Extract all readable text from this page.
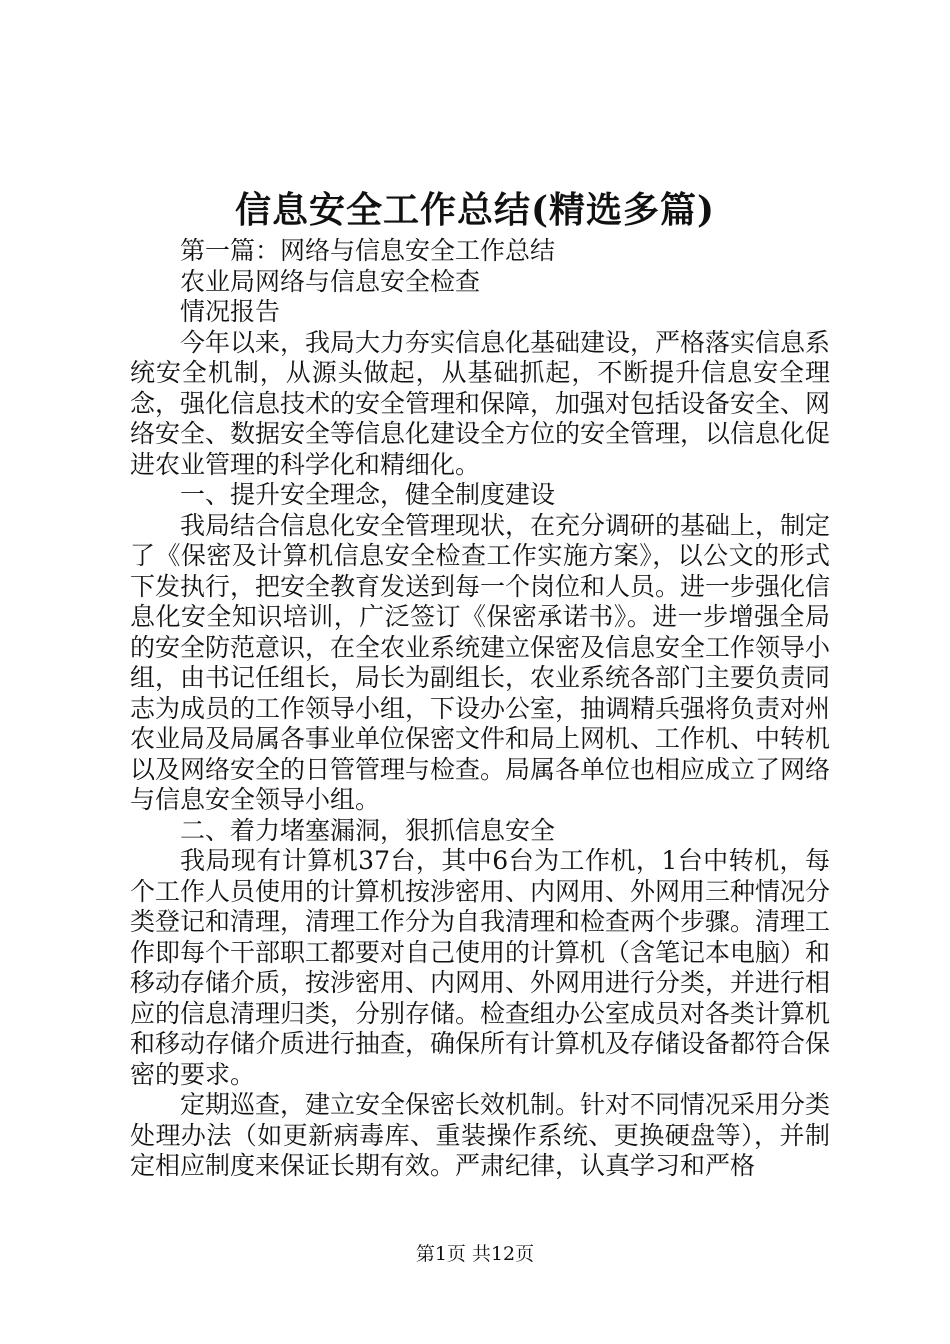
信息安全工作总结(精选多篇)

第一篇：网络与信息安全工作总结

农业局网络与信息安全检查

情况报告

今年以来，我局大力夯实信息化基础建设，严格落实信息系统安全机制，从源头做起，从基础抓起，不断提升信息安全理念，强化信息技术的安全管理和保障，加强对包括设备安全、网络安全、数据安全等信息化建设全方位的安全管理，以信息化促进农业管理的科学化和精细化。

一、提升安全理念，健全制度建设

我局结合信息化安全管理现状，在充分调研的基础上，制定了《保密及计算机信息安全检查工作实施方案》，以公文的形式下发执行，把安全教育发送到每一个岗位和人员。进一步强化信息化安全知识培训，广泛签订《保密承诺书》。进一步增强全局的安全防范意识，在全农业系统建立保密及信息安全工作领导小组，由书记任组长，局长为副组长，农业系统各部门主要负责同志为成员的工作领导小组，下设办公室，抽调精兵强将负责对州农业局及局属各事业单位保密文件和局上网机、工作机、中转机以及网络安全的日管管理与检查。局属各单位也相应成立了网络与信息安全领导小组。

二、着力堵塞漏洞，狠抓信息安全

我局现有计算机37台，其中6台为工作机，1台中转机，每个工作人员使用的计算机按涉密用、内网用、外网用三种情况分类登记和清理，清理工作分为自我清理和检查两个步骤。清理工作即每个干部职工都要对自己使用的计算机（含笔记本电脑）和移动存储介质，按涉密用、内网用、外网用进行分类，并进行相应的信息清理归类，分别存储。检查组办公室成员对各类计算机和移动存储介质进行抽查，确保所有计算机及存储设备都符合保密的要求。

定期巡查，建立安全保密长效机制。针对不同情况采用分类处理办法（如更新病毒库、重装操作系统、更换硬盘等），并制定相应制度来保证长期有效。严肃纪律，认真学习和严格

第1页 共12页
